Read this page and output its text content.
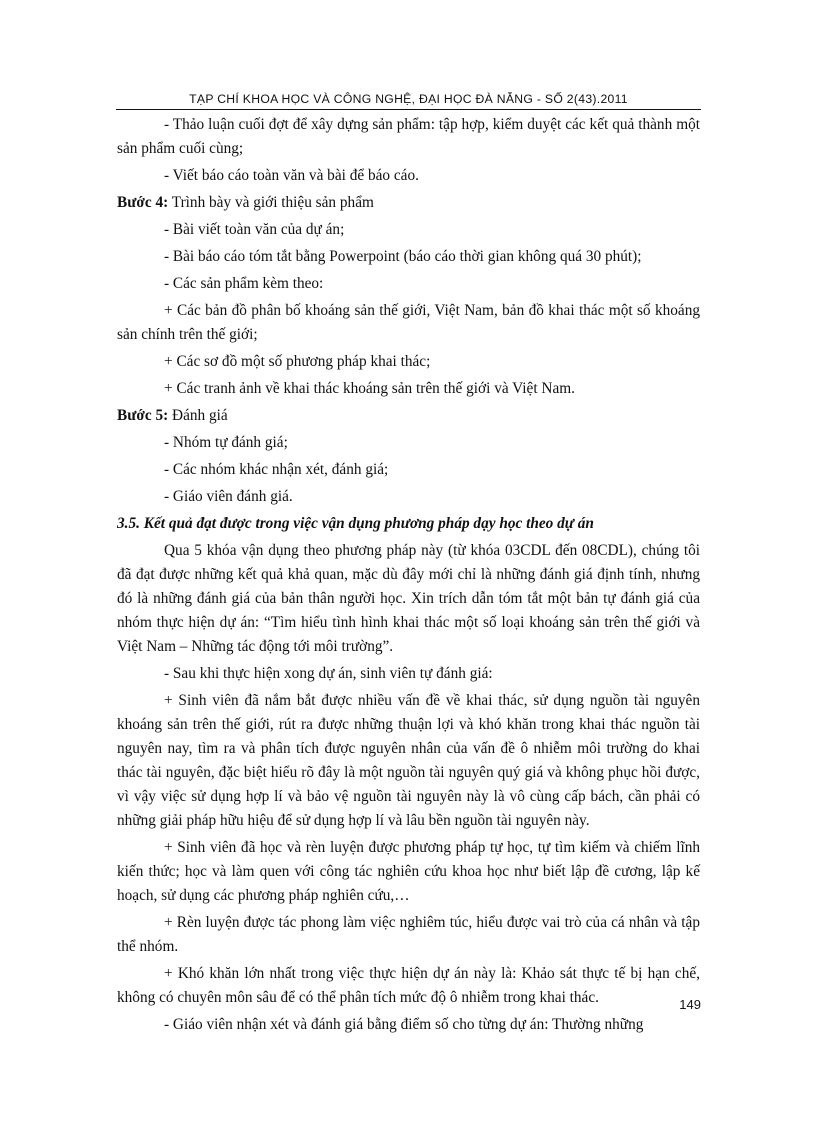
TẠP CHÍ KHOA HỌC VÀ CÔNG NGHỆ, ĐẠI HỌC ĐÀ NẴNG - SỐ 2(43).2011

- Thảo luận cuối đợt để xây dựng sản phẩm: tập hợp, kiểm duyệt các kết quả thành một sản phẩm cuối cùng;

- Viết báo cáo toàn văn và bài để báo cáo.

Bước 4: Trình bày và giới thiệu sản phẩm

- Bài viết toàn văn của dự án;

- Bài báo cáo tóm tắt bằng Powerpoint (báo cáo thời gian không quá 30 phút);

- Các sản phẩm kèm theo:

+ Các bản đồ phân bố khoáng sản thế giới, Việt Nam, bản đồ khai thác một số khoáng sản chính trên thế giới;

+ Các sơ đồ một số phương pháp khai thác;

+ Các tranh ảnh về khai thác khoáng sản trên thế giới và Việt Nam.

Bước 5: Đánh giá

- Nhóm tự đánh giá;

- Các nhóm khác nhận xét, đánh giá;

- Giáo viên đánh giá.

3.5. Kết quả đạt được trong việc vận dụng phương pháp dạy học theo dự án

Qua 5 khóa vận dụng theo phương pháp này (từ khóa 03CDL đến 08CDL), chúng tôi đã đạt được những kết quả khả quan, mặc dù đây mới chỉ là những đánh giá định tính, nhưng đó là những đánh giá của bản thân người học. Xin trích dẫn tóm tắt một bản tự đánh giá của nhóm thực hiện dự án: “Tìm hiểu tình hình khai thác một số loại khoáng sản trên thế giới và Việt Nam – Những tác động tới môi trường”.

- Sau khi thực hiện xong dự án, sinh viên tự đánh giá:

+ Sinh viên đã nắm bắt được nhiều vấn đề về khai thác, sử dụng nguồn tài nguyên khoáng sản trên thế giới, rút ra được những thuận lợi và khó khăn trong khai thác nguồn tài nguyên nay, tìm ra và phân tích được nguyên nhân của vấn đề ô nhiễm môi trường do khai thác tài nguyên, đặc biệt hiểu rõ đây là một nguồn tài nguyên quý giá và không phục hồi được, vì vậy việc sử dụng hợp lí và bảo vệ nguồn tài nguyên này là vô cùng cấp bách, cần phải có những giải pháp hữu hiệu để sử dụng hợp lí và lâu bền nguồn tài nguyên này.

+ Sinh viên đã học và rèn luyện được phương pháp tự học, tự tìm kiếm và chiếm lĩnh kiến thức; học và làm quen với công tác nghiên cứu khoa học như biết lập đề cương, lập kế hoạch, sử dụng các phương pháp nghiên cứu,…

+ Rèn luyện được tác phong làm việc nghiêm túc, hiểu được vai trò của cá nhân và tập thể nhóm.

+ Khó khăn lớn nhất trong việc thực hiện dự án này là: Khảo sát thực tế bị hạn chế, không có chuyên môn sâu để có thể phân tích mức độ ô nhiễm trong khai thác.

- Giáo viên nhận xét và đánh giá bằng điểm số cho từng dự án: Thường những

149
